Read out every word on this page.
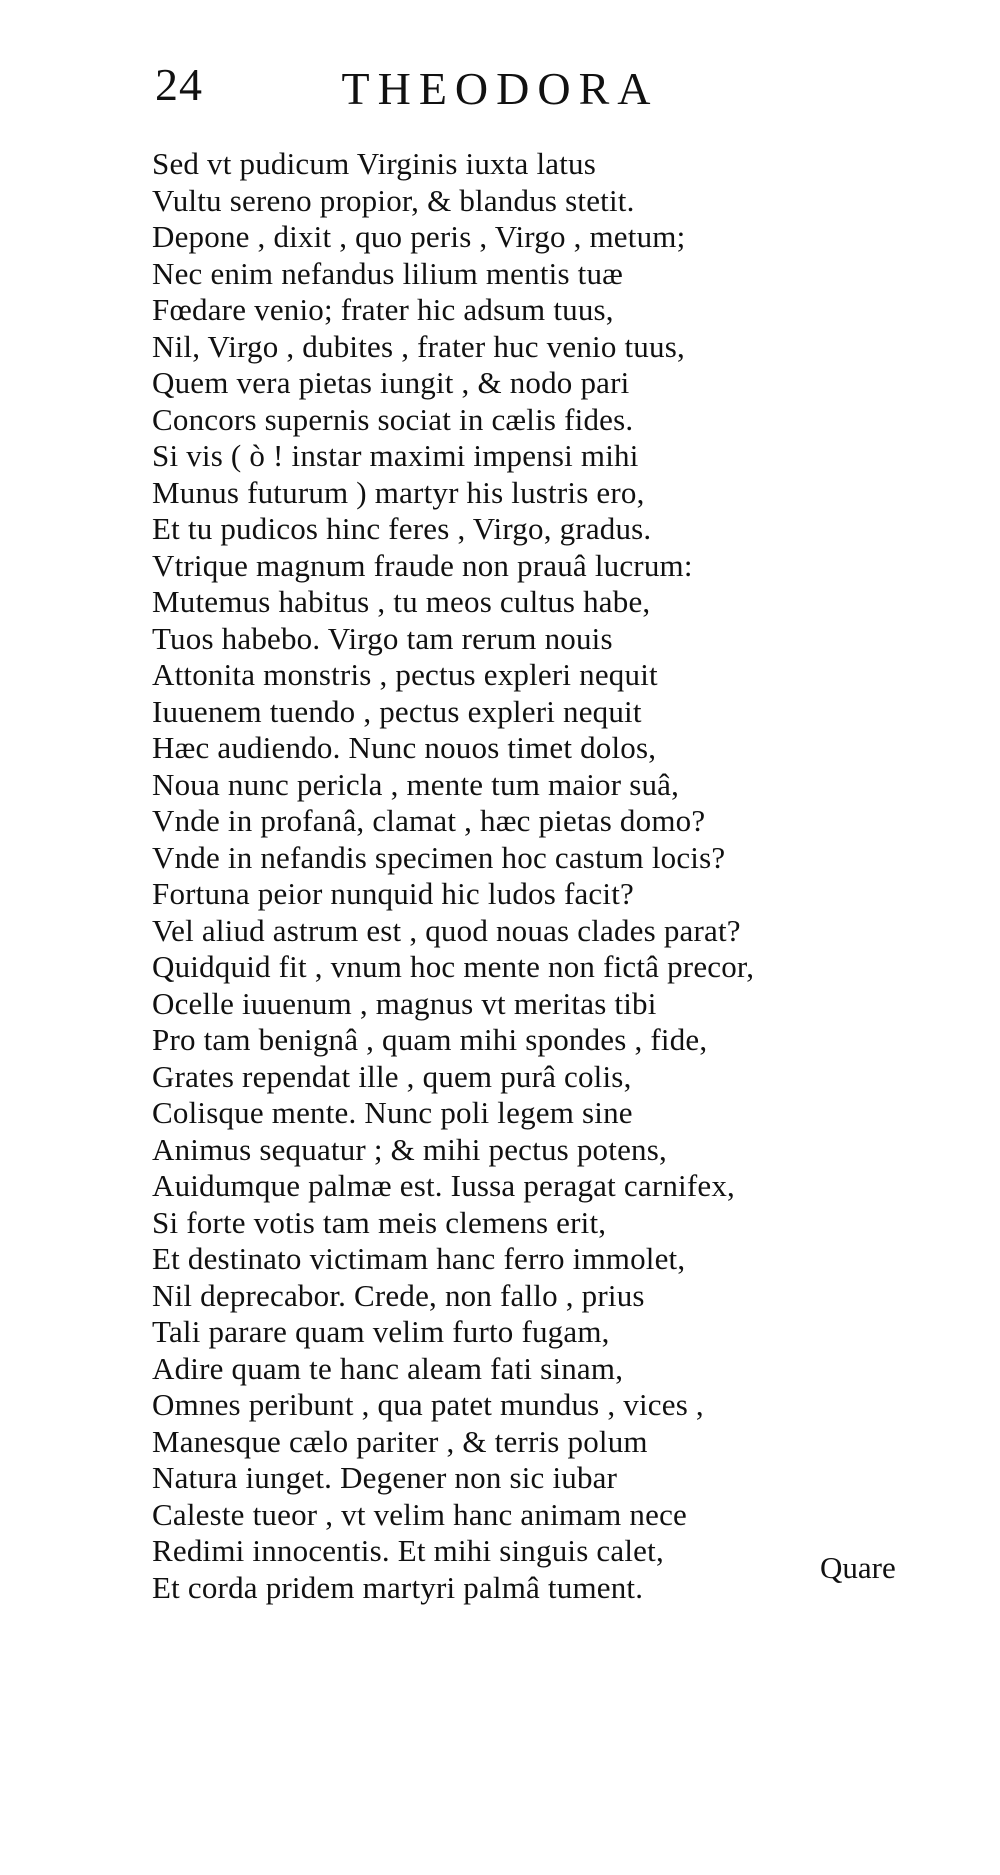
24	THEODORA
Sed vt pudicum Virginis iuxta latus
Vultu sereno propior, & blandus stetit.
Depone , dixit , quo peris , Virgo , metum;
Nec enim nefandus lilium mentis tuæ
Fœdare venio; frater hic adsum tuus,
Nil, Virgo , dubites , frater huc venio tuus,
Quem vera pietas iungit , & nodo pari
Concors supernis sociat in cælis fides.
Si vis ( ò ! instar maximi impensi mihi
Munus futurum ) martyr his lustris ero,
Et tu pudicos hinc feres , Virgo, gradus.
Vtrique magnum fraude non prauâ lucrum:
Mutemus habitus , tu meos cultus habe,
Tuos habebo. Virgo tam rerum nouis
Attonita monstris , pectus expleri nequit
Iuuenem tuendo , pectus expleri nequit
Hæc audiendo. Nunc nouos timet dolos,
Noua nunc pericla , mente tum maior suâ,
Vnde in profanâ, clamat , hæc pietas domo?
Vnde in nefandis specimen hoc castum locis?
Fortuna peior nunquid hic ludos facit?
Vel aliud astrum est , quod nouas clades parat?
Quidquid fit , vnum hoc mente non fictâ precor,
Ocelle iuuenum , magnus vt meritas tibi
Pro tam benignâ , quam mihi spondes , fide,
Grates rependat ille , quem purâ colis,
Colisque mente. Nunc poli legem sine
Animus sequatur ; & mihi pectus potens,
Auidumque palmæ est. Iussa peragat carnifex,
Si forte votis tam meis clemens erit,
Et destinato victimam hanc ferro immolet,
Nil deprecabor. Crede, non fallo , prius
Tali parare quam velim furto fugam,
Adire quam te hanc aleam fati sinam,
Omnes peribunt , qua patet mundus , vices ,
Manesque cælo pariter , & terris polum
Natura iunget. Degener non sic iubar
Caleste tueor , vt velim hanc animam nece
Redimi innocentis. Et mihi singuis calet,
Et corda pridem martyri palmâ tument.
Quare
